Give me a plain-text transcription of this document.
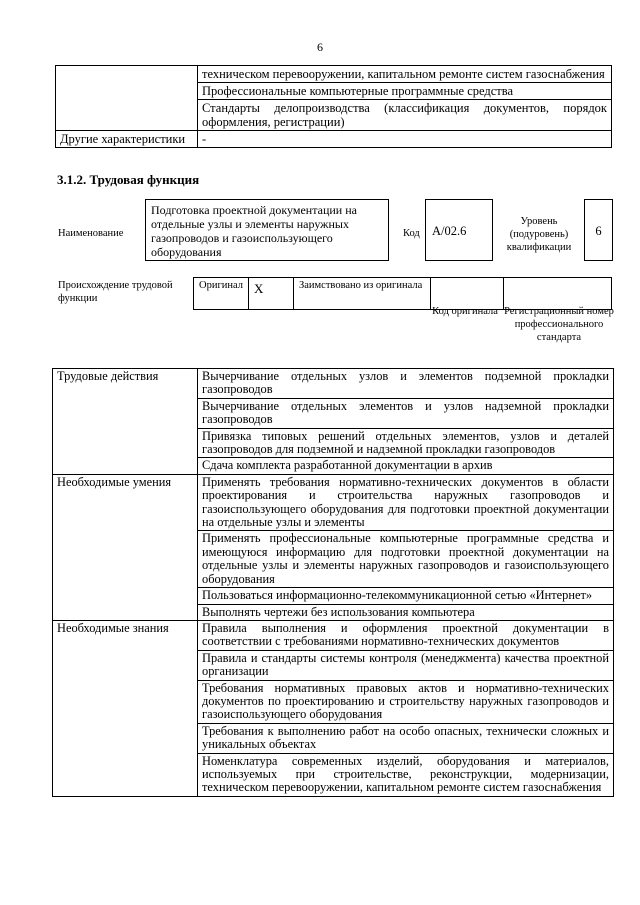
6
	техническом перевооружении, капитальном ремонте систем газоснабжения
	Профессиональные компьютерные программные средства
	Стандарты делопроизводства (классификация документов, порядок оформления, регистрации)
Другие характеристики	-
3.1.2. Трудовая функция
Наименование
Подготовка проектной документации на отдельные узлы и элементы наружных газопроводов и газоиспользующего оборудования
Код А/02.6
Уровень (подуровень) квалификации
6
Происхождение трудовой функции
Оригинал	X	Заимствовано из оригинала		
Код оригинала Регистрационный номер профессионального стандарта
Трудовые действия	Вычерчивание отдельных узлов и элементов подземной прокладки газопроводов
	Вычерчивание отдельных элементов и узлов надземной прокладки газопроводов
	Привязка типовых решений отдельных элементов, узлов и деталей газопроводов для подземной и надземной прокладки газопроводов
	Сдача комплекта разработанной документации в архив
Необходимые умения	Применять требования нормативно-технических документов в области проектирования и строительства наружных газопроводов и газоиспользующего оборудования для подготовки проектной документации на отдельные узлы и элементы
	Применять профессиональные компьютерные программные средства и имеющуюся информацию для подготовки проектной документации на отдельные узлы и элементы наружных газопроводов и газоиспользующего оборудования
	Пользоваться информационно-телекоммуникационной сетью «Интернет»
	Выполнять чертежи без использования компьютера
Необходимые знания	Правила выполнения и оформления проектной документации в соответствии с требованиями нормативно-технических документов
	Правила и стандарты системы контроля (менеджмента) качества проектной организации
	Требования нормативных правовых актов и нормативно-технических документов по проектированию и строительству наружных газопроводов и газоиспользующего оборудования
	Требования к выполнению работ на особо опасных, технически сложных и уникальных объектах
	Номенклатура современных изделий, оборудования и материалов, используемых при строительстве, реконструкции, модернизации, техническом перевооружении, капитальном ремонте систем газоснабжения
